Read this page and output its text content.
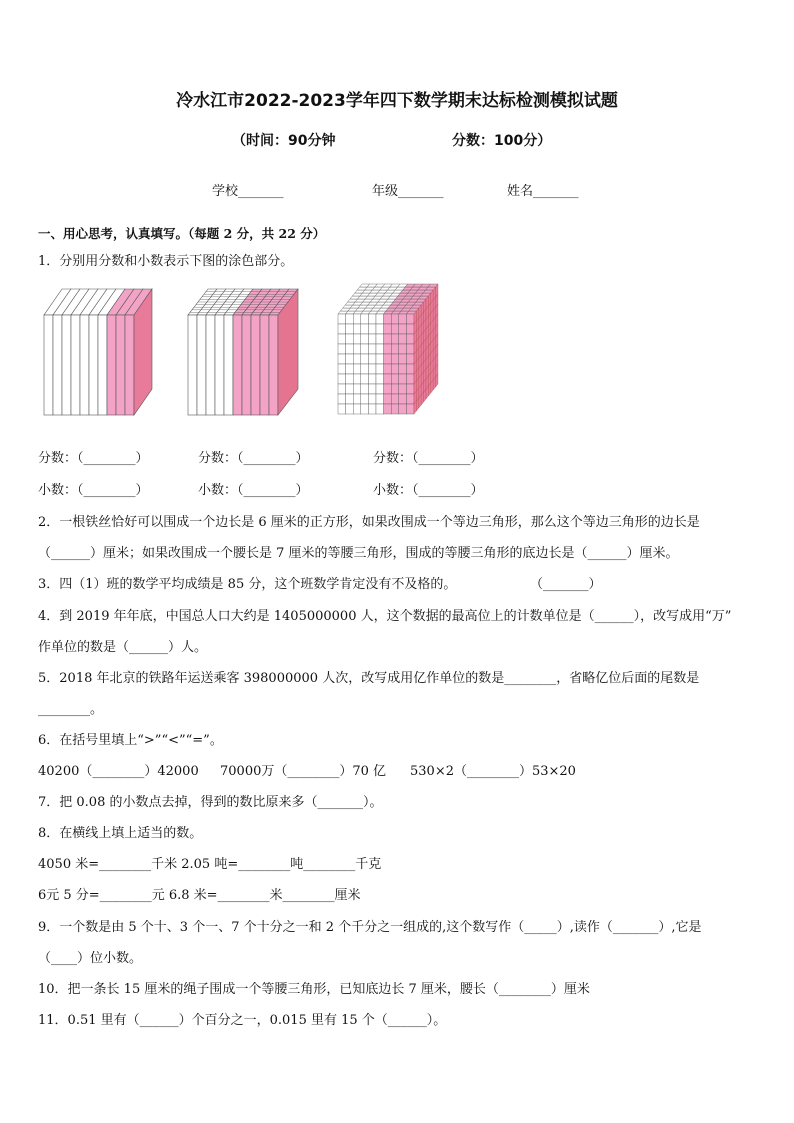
冷水江市2022-2023学年四下数学期末达标检测模拟试题
（时间：90分钟	分数：100分）
学校_______	年级_______	姓名_______
一、用心思考，认真填写。（每题 2 分，共 22 分）
1．分别用分数和小数表示下图的涂色部分。
分数：（________）	分数：（________）	分数：（________）
小数：（________）	小数：（________）	小数：（________）
2．一根铁丝恰好可以围成一个边长是 6 厘米的正方形，如果改围成一个等边三角形，那么这个等边三角形的边长是
（______）厘米；如果改围成一个腰长是 7 厘米的等腰三角形，围成的等腰三角形的底边长是（______）厘米。
3．四（1）班的数学平均成绩是 85 分，这个班数学肯定没有不及格的。	（_______）
4．到 2019 年年底，中国总人口大约是 1405000000 人，这个数据的最高位上的计数单位是（______），改写成用“万”
作单位的数是（______）人。
5．2018 年北京的铁路年运送乘客 398000000 人次，改写成用亿作单位的数是________，省略亿位后面的尾数是
________。
6．在括号里填上“>”“<”“=”。
40200（________）42000 70000万（________）70 亿 530×2（________）53×20
7．把 0.08 的小数点去掉，得到的数比原来多（_______）。
8．在横线上填上适当的数。
4050 米=________千米 2.05 吨=________吨________千克
6元 5 分=________元 6.8 米=________米________厘米
9．一个数是由 5 个十、3 个一、7 个十分之一和 2 个千分之一组成的,这个数写作（_____）,读作（_______）,它是
（____）位小数。
10．把一条长 15 厘米的绳子围成一个等腰三角形，已知底边长 7 厘米，腰长（________）厘米
11．0.51 里有（______）个百分之一，0.015 里有 15 个（______）。
